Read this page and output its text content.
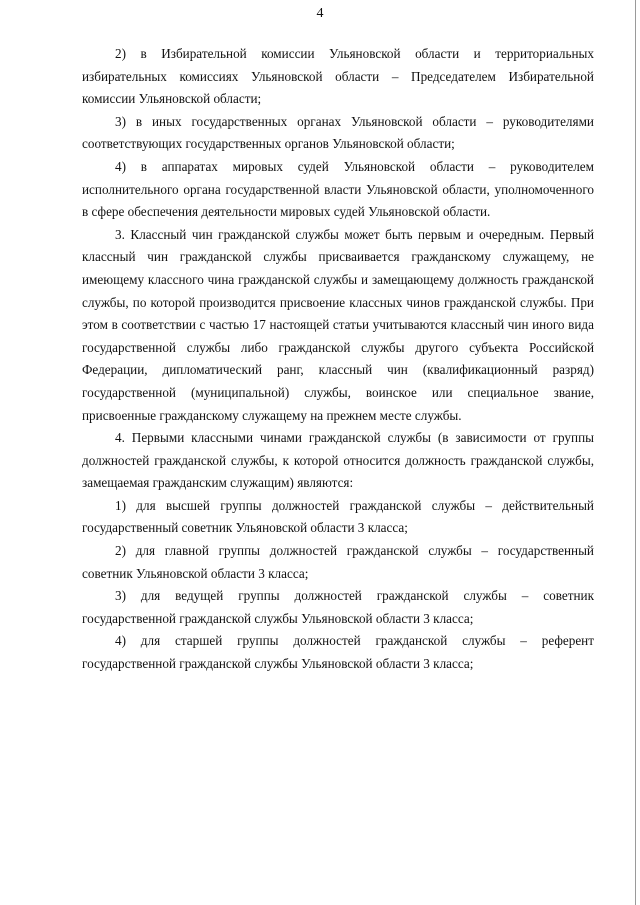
4

2) в Избирательной комиссии Ульяновской области и территориальных избирательных комиссиях Ульяновской области – Председателем Избирательной комиссии Ульяновской области;

3) в иных государственных органах Ульяновской области – руководителями соответствующих государственных органов Ульяновской области;

4) в аппаратах мировых судей Ульяновской области – руководителем исполнительного органа государственной власти Ульяновской области, уполномоченного в сфере обеспечения деятельности мировых судей Ульяновской области.

3. Классный чин гражданской службы может быть первым и очередным. Первый классный чин гражданской службы присваивается гражданскому служащему, не имеющему классного чина гражданской службы и замещающему должность гражданской службы, по которой производится присвоение классных чинов гражданской службы. При этом в соответствии с частью 17 настоящей статьи учитываются классный чин иного вида государственной службы либо гражданской службы другого субъекта Российской Федерации, дипломатический ранг, классный чин (квалификационный разряд) государственной (муниципальной) службы, воинское или специальное звание, присвоенные гражданскому служащему на прежнем месте службы.

4. Первыми классными чинами гражданской службы (в зависимости от группы должностей гражданской службы, к которой относится должность гражданской службы, замещаемая гражданским служащим) являются:

1) для высшей группы должностей гражданской службы – действительный государственный советник Ульяновской области 3 класса;

2) для главной группы должностей гражданской службы – государственный советник Ульяновской области 3 класса;

3) для ведущей группы должностей гражданской службы – советник государственной гражданской службы Ульяновской области 3 класса;

4) для старшей группы должностей гражданской службы – референт государственной гражданской службы Ульяновской области 3 класса;
